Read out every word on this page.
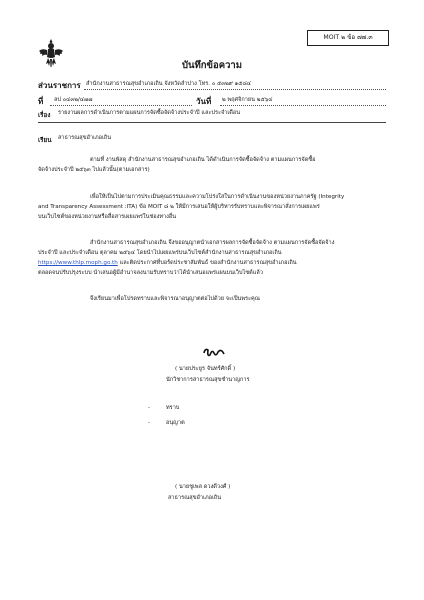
MOIT ๒ ข้อ ๗๗.๓
บันทึกข้อความ
ส่วนราชการ สำนักงานสาธารณสุขอำเภอเถิน จังหวัดลำปาง โทร. ๐ ๕๓๒๙ ๑๕๘๔
ที่ ลป ๐๔๓๒/๔๗๗	วันที่ ๒ พฤศจิกายน ๒๕๖๔
เรื่อง รายงานผลการดำเนินการตามแผนการจัดซื้อจัดจ้างประจำปี และประจำเดือน
เรียน สาธารณสุขอำเภอเถิน
ตามที่ งานพัสดุ สำนักงานสาธารณสุขอำเภอเถิน ได้ดำเนินการจัดซื้อจัดจ้าง ตามแผนการจัดซื้อ
จัดจ้างประจำปี ๒๕๖๓ ไปแล้วนั้น(ตามเอกสาร)
เพื่อให้เป็นไปตามการประเมินคุณธรรมและความโปร่งใสในการดำเนินงานของหน่วยงานภาครัฐ (Integrity
and Transparency Assessment :ITA) ข้อ MOIT ๘ ๒ ให้มีการเสนอให้ผู้บริหารรับทราบและพิจารณาสั่งการเผยแพร่
บนเว็บไซต์ของหน่วยงานหรือสื่อสารเผยแพร่ในช่องทางอื่น
สำนักงานสาธารณสุขอำเภอเถิน จึงขออนุญาตนำเอกสารผลการจัดซื้อจัดจ้าง ตามแผนการจัดซื้อจัดจ้าง
ประจำปี และประจำเดือน ตุลาคม ๒๕๖๔ โดยนำไปเผยแพร่บนเว็บไซต์สำนักงานสาธารณสุขอำเภอเถิน
https://www.thlp.moph.go.th และติดประกาศที่บอร์ดประชาสัมพันธ์ ของสำนักงานสาธารณสุขอำเภอเถิน
ตลอดจนปรับปรุงระบบ นำเสนอผู้มีอำนาจลงนามรับทราบว่าได้นำเสนอแพร่แผนบนเว็บไซต์แล้ว
จึงเรียนมาเพื่อโปรดทราบและพิจารณาอนุญาตต่อไปด้วย จะเป็นพระคุณ
( นายประยูร จันทร์ศักดิ์ )
นักวิชาการสาธารณสุขชำนาญการ
-	ทราบ
-	อนุญาต
( นายชูเพล ดวงดีวงศ์ )
สาธารณสุขอำเภอเถิน
